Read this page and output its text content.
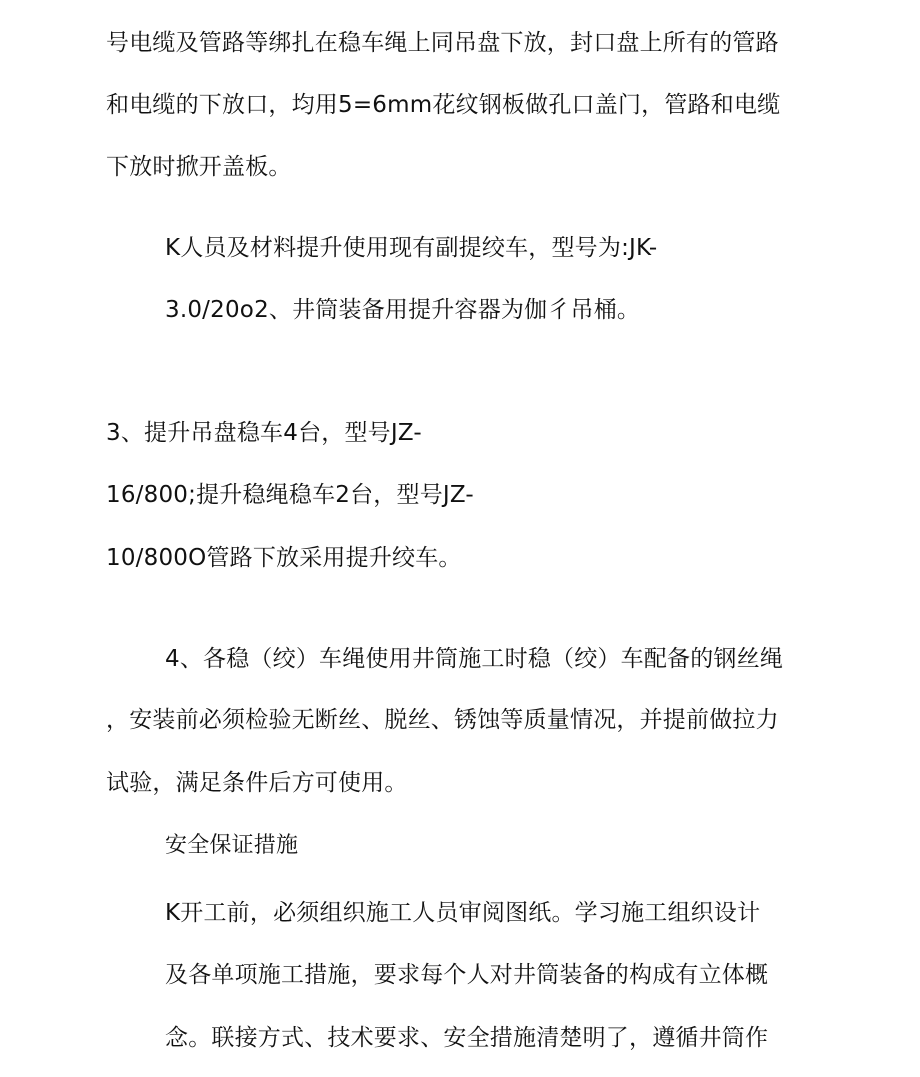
号电缆及管路等绑扎在稳车绳上同吊盘下放，封口盘上所有的管路
和电缆的下放口，均用5=6mm花纹钢板做孔口盖门，管路和电缆
下放时掀开盖板。
K人员及材料提升使用现有副提绞车，型号为:JK-
3.0/20o2、井筒装备用提升容器为伽彳吊桶。
3、提升吊盘稳车4台，型号JZ-
16/800;提升稳绳稳车2台，型号JZ-
10/800O管路下放采用提升绞车。
4、各稳（绞）车绳使用井筒施工时稳（绞）车配备的钢丝绳
，安装前必须检验无断丝、脱丝、锈蚀等质量情况，并提前做拉力
试验，满足条件后方可使用。
安全保证措施
K开工前，必须组织施工人员审阅图纸。学习施工组织设计
及各单项施工措施，要求每个人对井筒装备的构成有立体概
念。联接方式、技术要求、安全措施清楚明了，遵循井筒作
